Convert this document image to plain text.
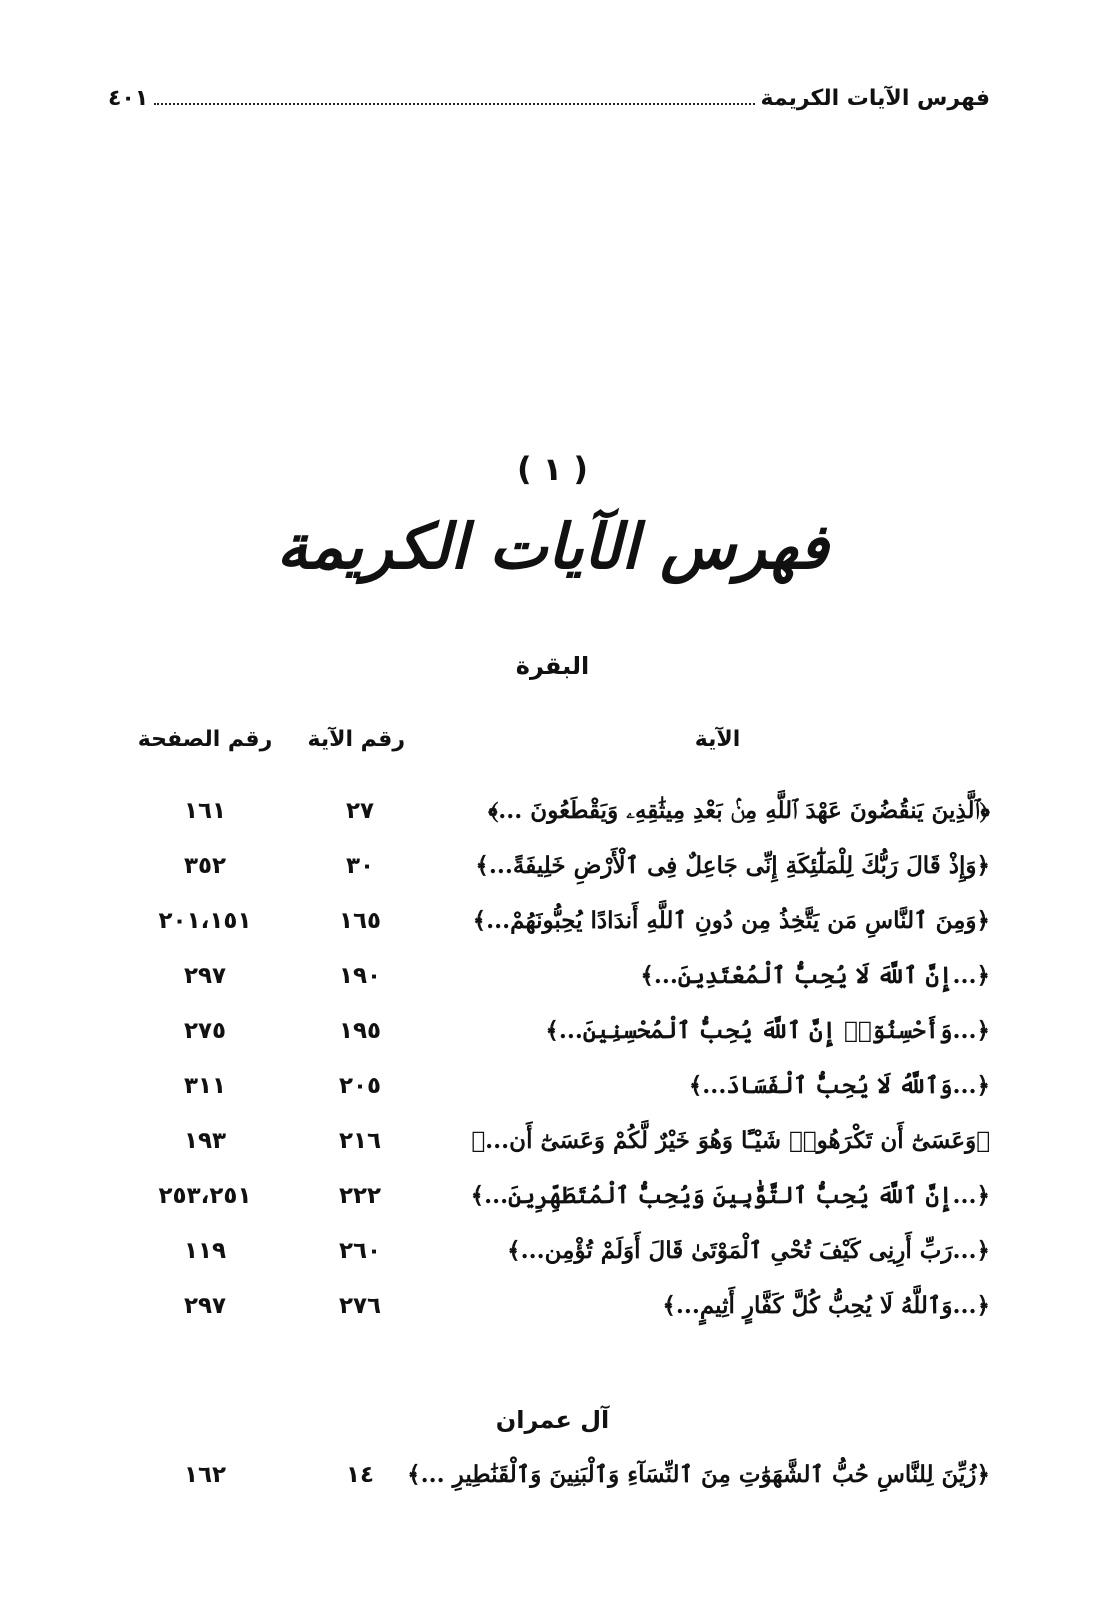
فهرس الآيات الكريمة
٤٠١
( ١ )
فهرس الآيات الكريمة
البقرة
الآية
رقم الآية
رقم الصفحة
﴿ٱلَّذِينَ يَنقُضُونَ عَهْدَ ٱللَّهِ مِنۢ بَعْدِ مِيثَٰقِهِۦ وَيَقْطَعُونَ ...﴾
٢٧
١٦١
﴿وَإِذْ قَالَ رَبُّكَ لِلْمَلَٰٓئِكَةِ إِنِّى جَاعِلٌ فِى ٱلْأَرْضِ خَلِيفَةً...﴾
٣٠
٣٥٢
﴿وَمِنَ ٱلنَّاسِ مَن يَتَّخِذُ مِن دُونِ ٱللَّهِ أَندَادًا يُحِبُّونَهُمْ...﴾
١٦٥
٢٠١،١٥١
﴿...إِنَّ ٱللَّهَ لَا يُحِبُّ ٱلْمُعْتَدِينَ...﴾
١٩٠
٢٩٧
﴿...وَأَحْسِنُوٓا۟ إِنَّ ٱللَّهَ يُحِبُّ ٱلْمُحْسِنِينَ...﴾
١٩٥
٢٧٥
﴿...وَٱللَّهُ لَا يُحِبُّ ٱلْفَسَادَ...﴾
٢٠٥
٣١١
﴿وَعَسَىٰٓ أَن تَكْرَهُوا۟ شَيْـًٔا وَهُوَ خَيْرٌ لَّكُمْ وَعَسَىٰٓ أَن...﴾
٢١٦
١٩٣
﴿...إِنَّ ٱللَّهَ يُحِبُّ ٱلتَّوَّٰبِينَ وَيُحِبُّ ٱلْمُتَطَهِّرِينَ...﴾
٢٢٢
٢٥٣،٢٥١
﴿...رَبِّ أَرِنِى كَيْفَ تُحْىِ ٱلْمَوْتَىٰ قَالَ أَوَلَمْ تُؤْمِن...﴾
٢٦٠
١١٩
﴿...وَٱللَّهُ لَا يُحِبُّ كُلَّ كَفَّارٍ أَثِيمٍ...﴾
٢٧٦
٢٩٧
آل عمران
﴿زُيِّنَ لِلنَّاسِ حُبُّ ٱلشَّهَوَٰتِ مِنَ ٱلنِّسَآءِ وَٱلْبَنِينَ وَٱلْقَنَٰطِيرِ ...﴾
١٤
١٦٢
